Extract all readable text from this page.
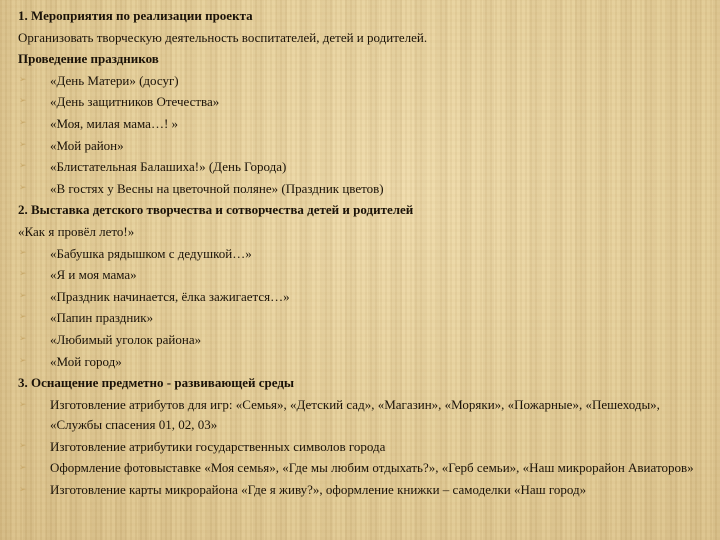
1. Мероприятия по реализации проекта
Организовать творческую деятельность воспитателей, детей и родителей.
Проведение праздников
➢ «День Матери» (досуг)
➢ «День защитников Отечества»
➢ «Моя, милая мама…! »
➢ «Мой район»
➢ «Блистательная Балашиха!» (День Города)
➢ «В гостях у Весны на цветочной поляне» (Праздник цветов)
2. Выставка детского творчества и сотворчества детей и родителей
«Как я провёл лето!»
➢ «Бабушка рядышком с дедушкой…»
➢ «Я и моя мама»
➢ «Праздник начинается, ёлка зажигается…»
➢ «Папин праздник»
➢ «Любимый уголок района»
➢ «Мой город»
3. Оснащение предметно - развивающей среды
➢ Изготовление атрибутов для игр: «Семья», «Детский сад», «Магазин», «Моряки», «Пожарные», «Пешеходы», «Службы спасения 01, 02, 03»
➢ Изготовление атрибутики государственных символов города
➢ Оформление фотовыставке «Моя семья», «Где мы любим отдыхать?», «Герб семьи», «Наш микрорайон Авиаторов»
➢ Изготовление карты микрорайона «Где я живу?», оформление книжки – самоделки «Наш город»
